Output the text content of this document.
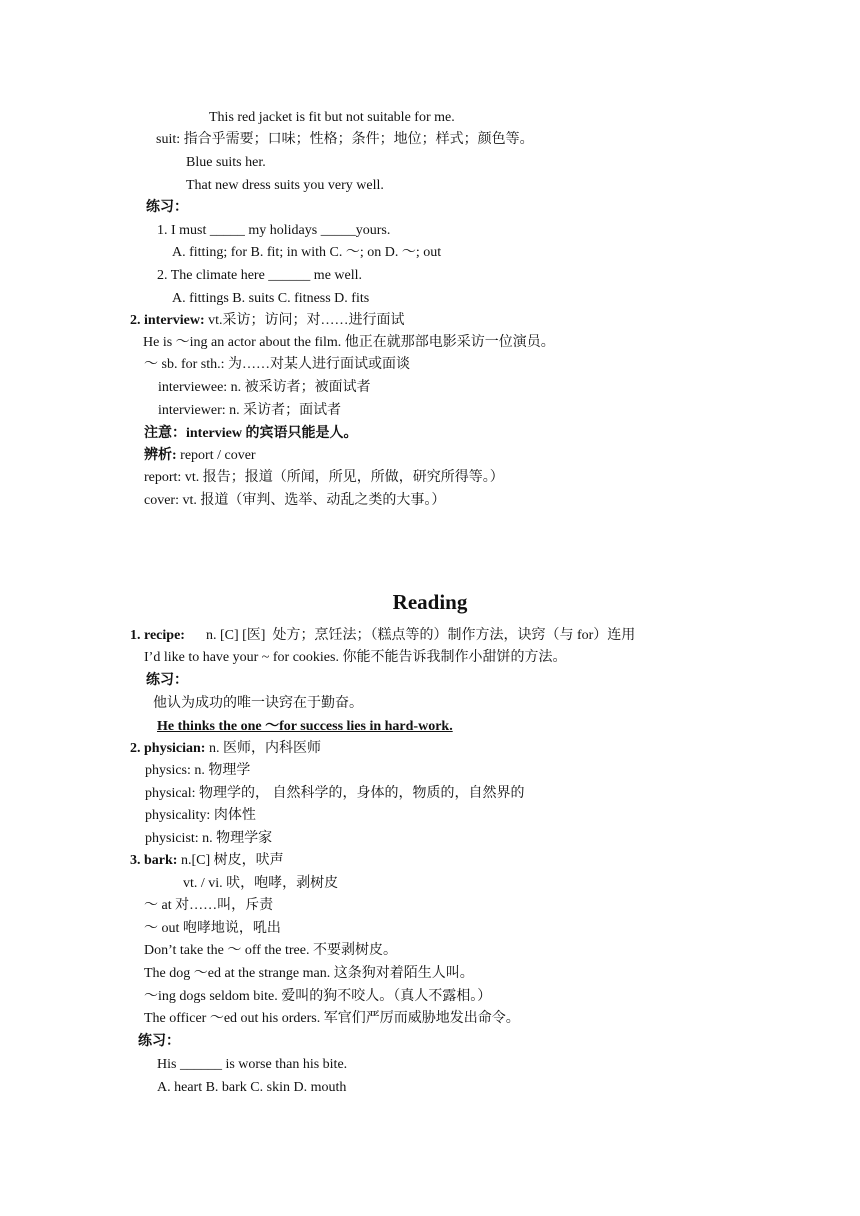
This red jacket is fit but not suitable for me.
suit: 指合乎需要；口味；性格；条件；地位；样式；颜色等。
Blue suits her.
That new dress suits you very well.
练习：
1. I must _____ my holidays _____yours.
A. fitting; for B. fit; in with C. ～; on D. ～; out
2. The climate here ______ me well.
A. fittings B. suits C. fitness D. fits
2. interview: vt.采访；访问；对……进行面试
He is ～ing an actor about the film. 他正在就那部电影采访一位演员。
～ sb. for sth.: 为……对某人进行面试或面谈
interviewee: n. 被采访者；被面试者
interviewer: n. 采访者；面试者
注意：interview 的宾语只能是人。
辨析: report / cover
report: vt. 报告；报道（所闻，所见，所做，研究所得等。）
cover: vt. 报道（审判、选举、动乱之类的大事。）
Reading
1. recipe:      n. [C] [医]  处方；烹饪法；（糕点等的）制作方法，诀窍（与 for）连用
I’d like to have your ~ for cookies. 你能不能告诉我制作小甜饼的方法。
练习：
他认为成功的唯一诀窍在于勤奋。
He thinks the one ～for success lies in hard-work.
2. physician: n. 医师，内科医师
physics: n. 物理学
physical: 物理学的， 自然科学的，身体的，物质的，自然界的
physicality: 肉体性
physicist: n. 物理学家
3. bark: n.[C] 树皮，吠声
vt. / vi. 吠，咆哮，剥树皮
～ at 对……叫，斥责
～ out 咆哮地说，吼出
Don’t take the ～ off the tree. 不要剥树皮。
The dog ～ed at the strange man. 这条狗对着陌生人叫。
～ing dogs seldom bite. 爱叫的狗不咬人。（真人不露相。）
The officer ～ed out his orders. 军官们严厉而威胁地发出命令。
练习：
His ______ is worse than his bite.
A. heart B. bark C. skin D. mouth
